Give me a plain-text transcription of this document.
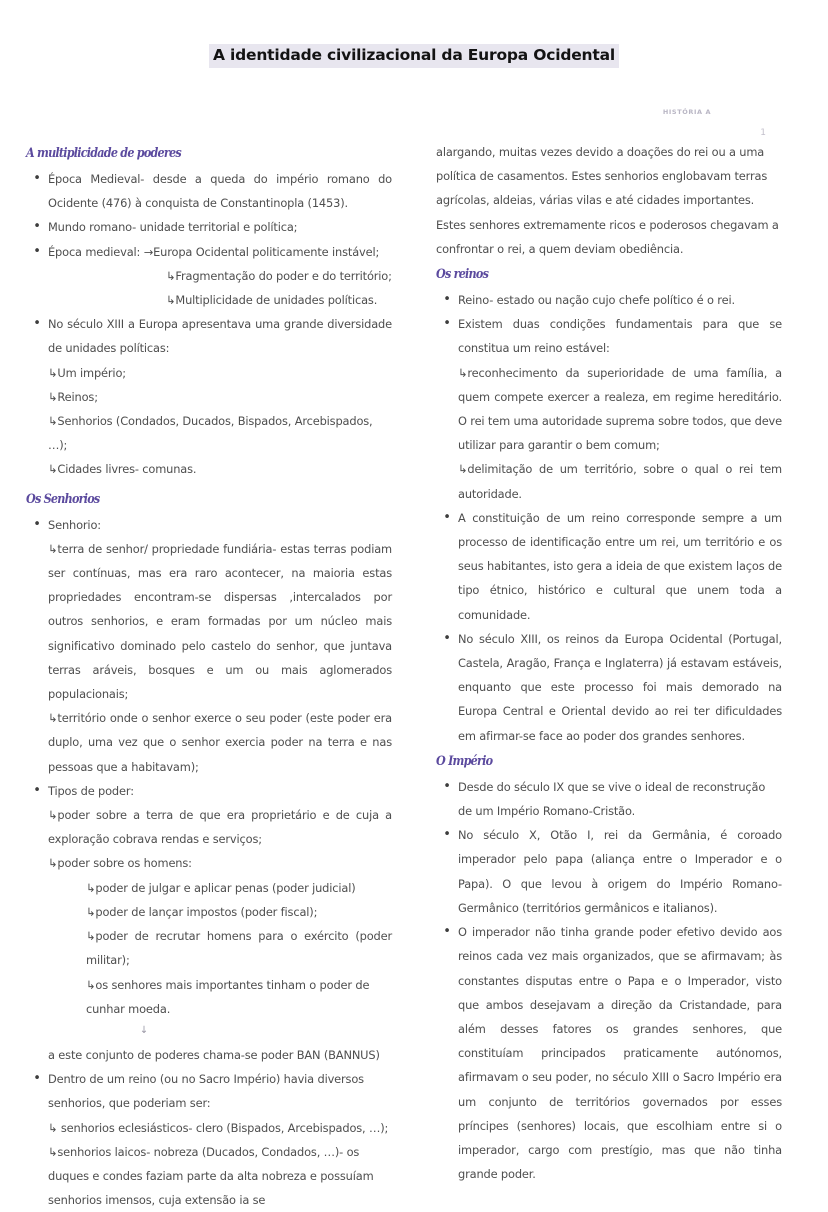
A identidade civilizacional da Europa Ocidental
HISTÓRIA A
1
A multiplicidade de poderes
• Época Medieval- desde a queda do império romano do Ocidente (476) à conquista de Constantinopla (1453).
• Mundo romano- unidade territorial e política;
• Época medieval: →Europa Ocidental politicamente instável;
↳Fragmentação do poder e do território;
↳Multiplicidade de unidades políticas.
• No século XIII a Europa apresentava uma grande diversidade de unidades políticas:
↳Um império;
↳Reinos;
↳Senhorios (Condados, Ducados, Bispados, Arcebispados, …);
↳Cidades livres- comunas.
Os Senhorios
• Senhorio:
↳terra de senhor/ propriedade fundiária- estas terras podiam ser contínuas, mas era raro acontecer, na maioria estas propriedades encontram-se dispersas ,intercalados por outros senhorios, e eram formadas por um núcleo mais significativo dominado pelo castelo do senhor, que juntava terras aráveis, bosques e um ou mais aglomerados populacionais;
↳território onde o senhor exerce o seu poder (este poder era duplo, uma vez que o senhor exercia poder na terra e nas pessoas que a habitavam);
• Tipos de poder:
↳poder sobre a terra de que era proprietário e de cuja a exploração cobrava rendas e serviços;
↳poder sobre os homens:
↳poder de julgar e aplicar penas (poder judicial)
↳poder de lançar impostos (poder fiscal);
↳poder de recrutar homens para o exército (poder militar);
↳os senhores mais importantes tinham o poder de cunhar moeda.
↓
a este conjunto de poderes chama-se poder BAN (BANNUS)
• Dentro de um reino (ou no Sacro Império) havia diversos senhorios, que poderiam ser:
↳ senhorios eclesiásticos- clero (Bispados, Arcebispados, …);
↳senhorios laicos- nobreza (Ducados, Condados, …)- os duques e condes faziam parte da alta nobreza e possuíam senhorios imensos, cuja extensão ia se
alargando, muitas vezes devido a doações do rei ou a uma política de casamentos. Estes senhorios englobavam terras agrícolas, aldeias, várias vilas e até cidades importantes. Estes senhores extremamente ricos e poderosos chegavam a confrontar o rei, a quem deviam obediência.
Os reinos
• Reino- estado ou nação cujo chefe político é o rei.
• Existem duas condições fundamentais para que se constitua um reino estável:
↳reconhecimento da superioridade de uma família, a quem compete exercer a realeza, em regime hereditário. O rei tem uma autoridade suprema sobre todos, que deve utilizar para garantir o bem comum;
↳delimitação de um território, sobre o qual o rei tem autoridade.
• A constituição de um reino corresponde sempre a um processo de identificação entre um rei, um território e os seus habitantes, isto gera a ideia de que existem laços de tipo étnico, histórico e cultural que unem toda a comunidade.
• No século XIII, os reinos da Europa Ocidental (Portugal, Castela, Aragão, França e Inglaterra) já estavam estáveis, enquanto que este processo foi mais demorado na Europa Central e Oriental devido ao rei ter dificuldades em afirmar-se face ao poder dos grandes senhores.
O Império
• Desde do século IX que se vive o ideal de reconstrução de um Império Romano-Cristão.
• No século X, Otão I, rei da Germânia, é coroado imperador pelo papa (aliança entre o Imperador e o Papa). O que levou à origem do Império Romano-Germânico (territórios germânicos e italianos).
• O imperador não tinha grande poder efetivo devido aos reinos cada vez mais organizados, que se afirmavam; às constantes disputas entre o Papa e o Imperador, visto que ambos desejavam a direção da Cristandade, para além desses fatores os grandes senhores, que constituíam principados praticamente autónomos, afirmavam o seu poder, no século XIII o Sacro Império era um conjunto de territórios governados por esses príncipes (senhores) locais, que escolhiam entre si o imperador, cargo com prestígio, mas que não tinha grande poder.
